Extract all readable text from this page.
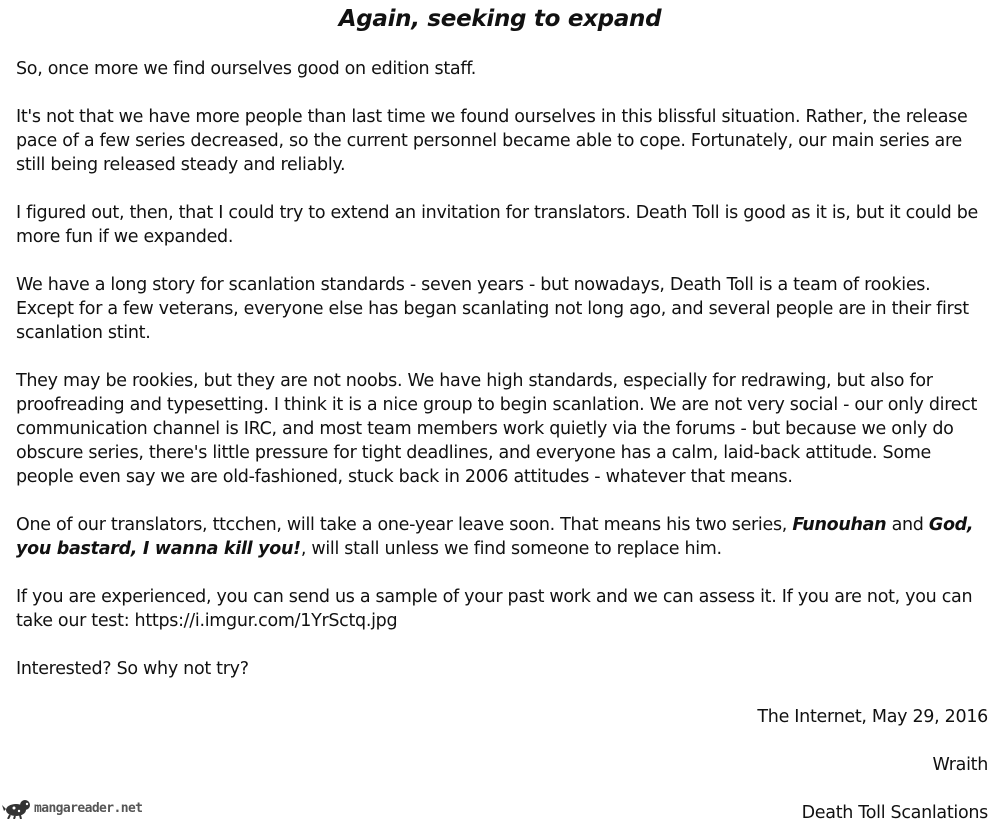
Again, seeking to expand

So, once more we find ourselves good on edition staff.

It's not that we have more people than last time we found ourselves in this blissful situation. Rather, the release pace of a few series decreased, so the current personnel became able to cope. Fortunately, our main series are still being released steady and reliably.

I figured out, then, that I could try to extend an invitation for translators. Death Toll is good as it is, but it could be more fun if we expanded.

We have a long story for scanlation standards - seven years - but nowadays, Death Toll is a team of rookies. Except for a few veterans, everyone else has began scanlating not long ago, and several people are in their first scanlation stint.

They may be rookies, but they are not noobs. We have high standards, especially for redrawing, but also for proofreading and typesetting. I think it is a nice group to begin scanlation. We are not very social - our only direct communication channel is IRC, and most team members work quietly via the forums - but because we only do obscure series, there's little pressure for tight deadlines, and everyone has a calm, laid-back attitude. Some people even say we are old-fashioned, stuck back in 2006 attitudes - whatever that means.

One of our translators, ttcchen, will take a one-year leave soon. That means his two series, Funouhan and God, you bastard, I wanna kill you!, will stall unless we find someone to replace him.

If you are experienced, you can send us a sample of your past work and we can assess it. If you are not, you can take our test: https://i.imgur.com/1YrSctq.jpg

Interested? So why not try?

The Internet, May 29, 2016
Wraith
Death Toll Scanlations
mangareader.net
